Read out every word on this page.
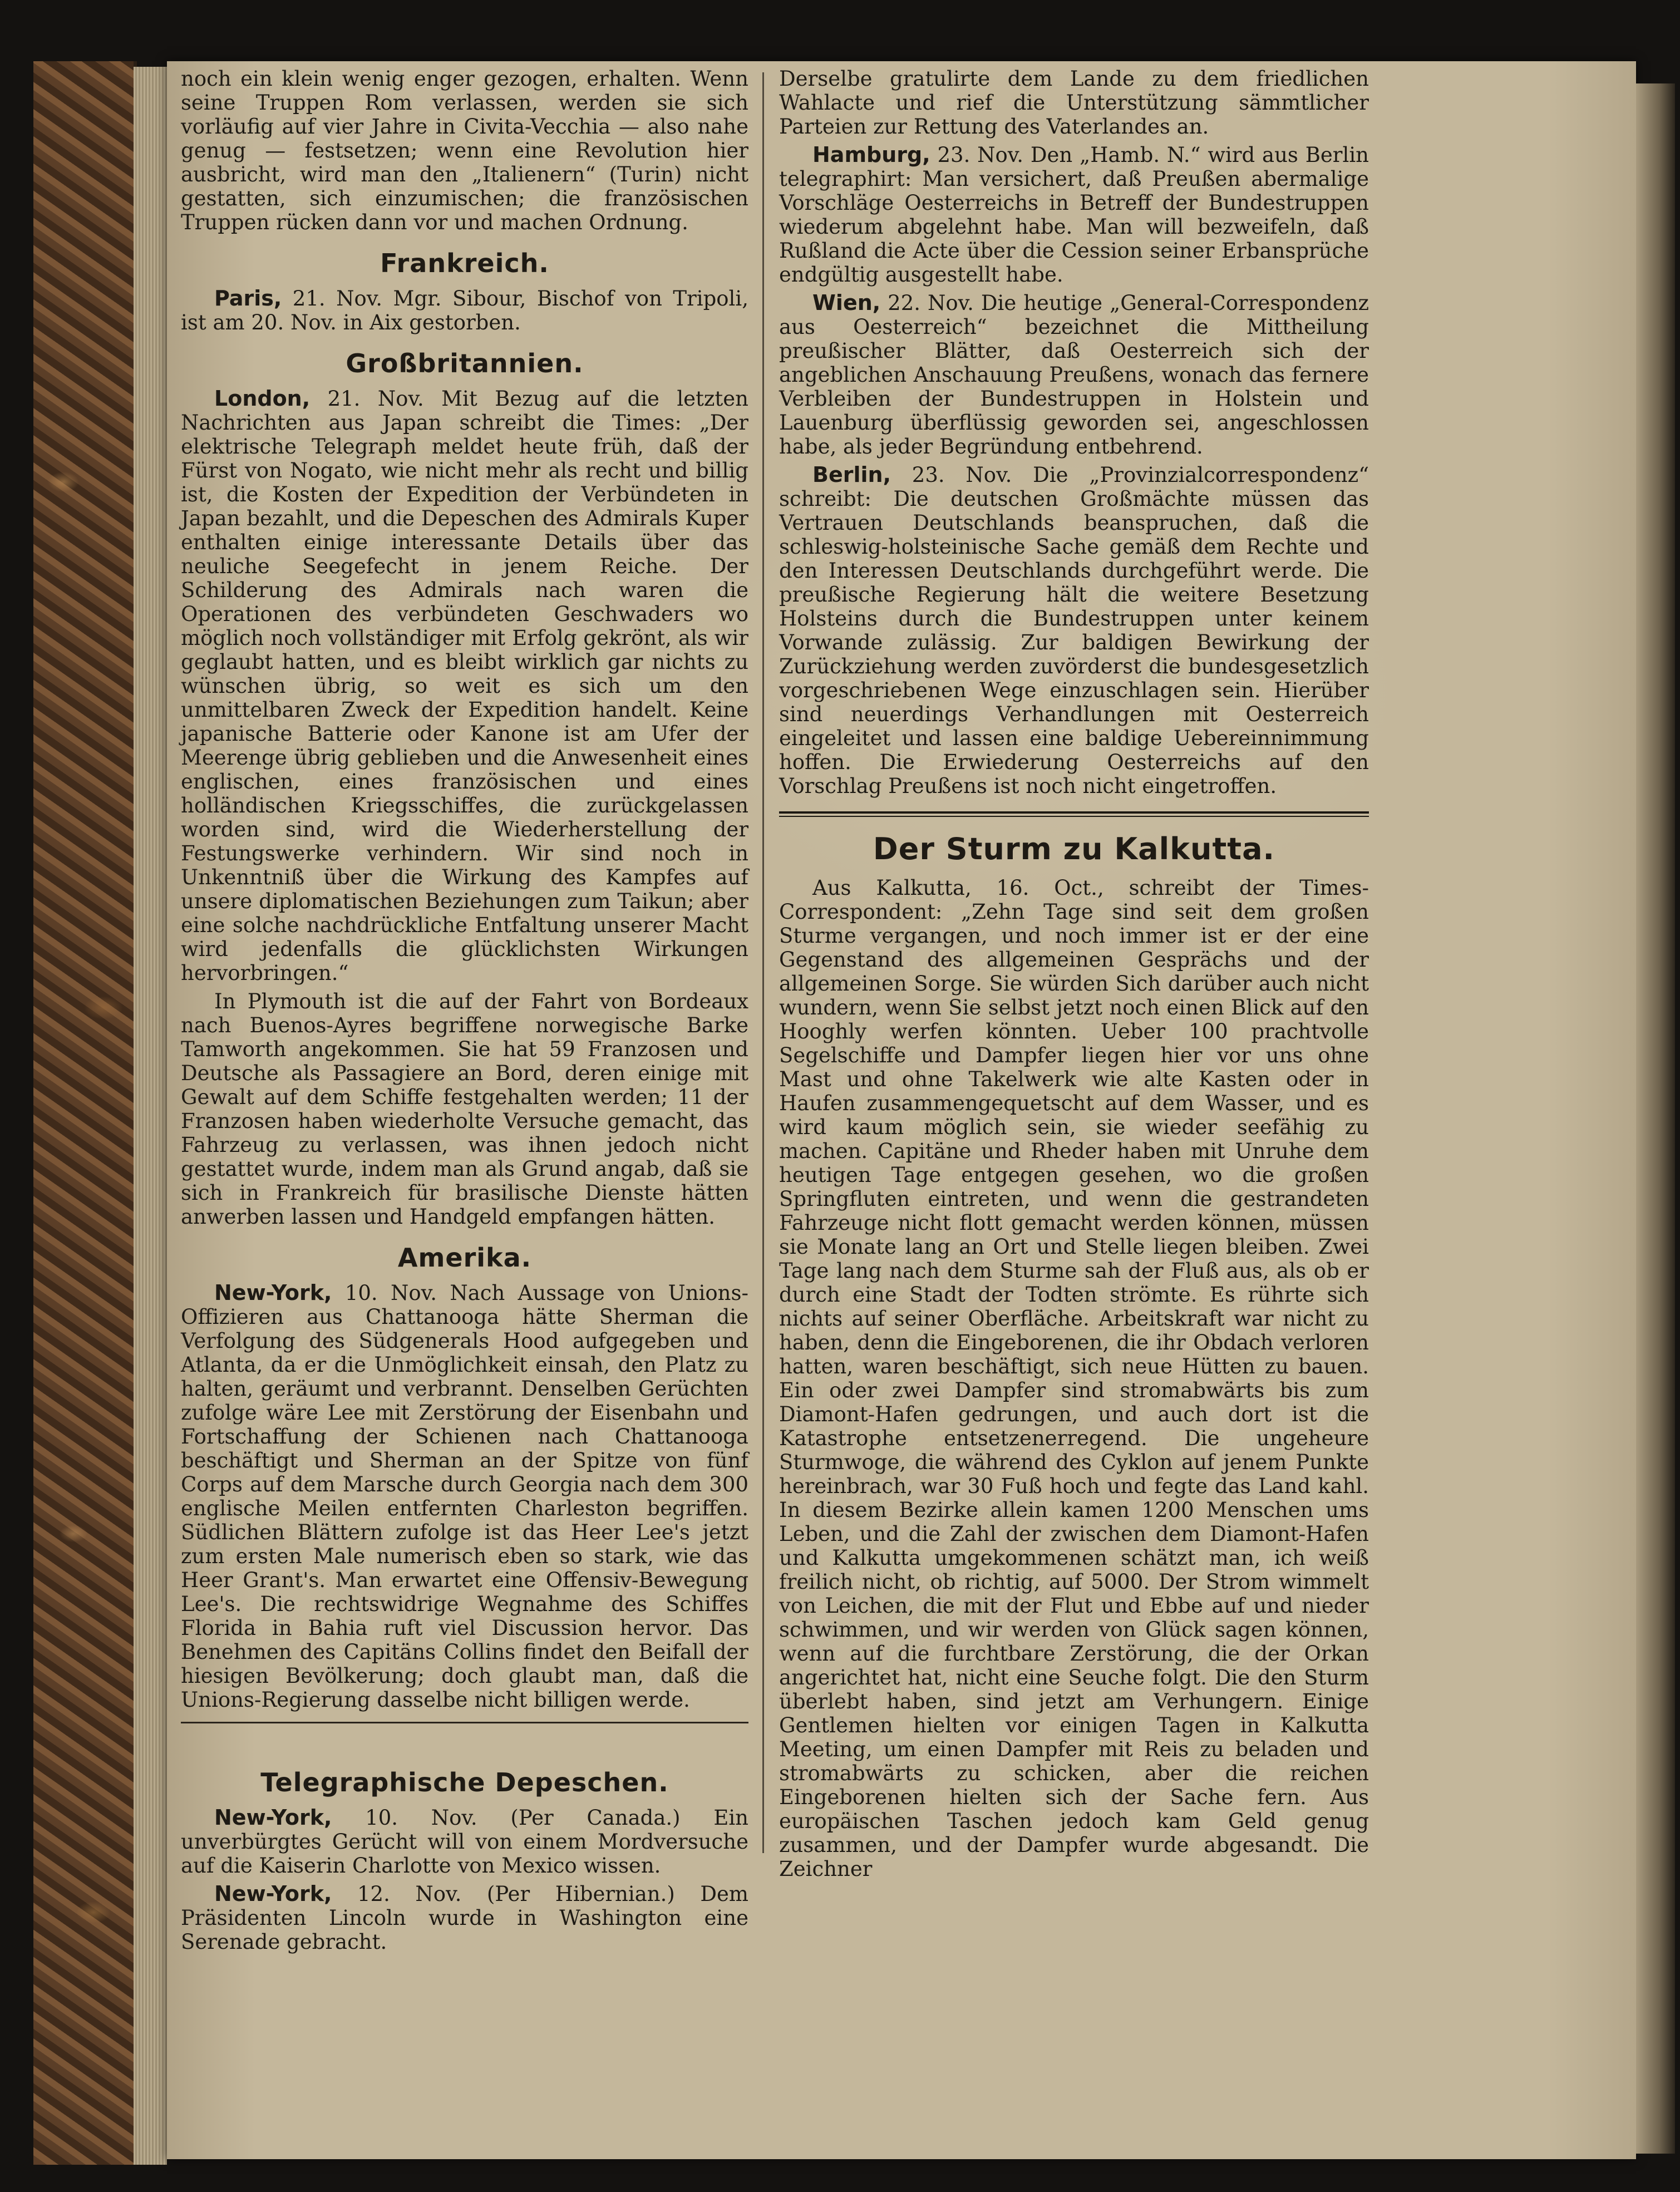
noch ein klein wenig enger gezogen, erhalten. Wenn seine Truppen Rom verlassen, werden sie sich vorläufig auf vier Jahre in Civita-Vecchia — also nahe genug — festsetzen; wenn eine Revolution hier ausbricht, wird man den „Italienern“ (Turin) nicht gestatten, sich einzumischen; die französischen Truppen rücken dann vor und machen Ordnung.

Frankreich.

Paris, 21. Nov. Mgr. Sibour, Bischof von Tripoli, ist am 20. Nov. in Aix gestorben.

Großbritannien.

London, 21. Nov. Mit Bezug auf die letzten Nachrichten aus Japan schreibt die Times: „Der elektrische Telegraph meldet heute früh, daß der Fürst von Nogato, wie nicht mehr als recht und billig ist, die Kosten der Expedition der Verbündeten in Japan bezahlt, und die Depeschen des Admirals Kuper enthalten einige interessante Details über das neuliche Seegefecht in jenem Reiche. Der Schilderung des Admirals nach waren die Operationen des verbündeten Geschwaders wo möglich noch vollständiger mit Erfolg gekrönt, als wir geglaubt hatten, und es bleibt wirklich gar nichts zu wünschen übrig, so weit es sich um den unmittelbaren Zweck der Expedition handelt. Keine japanische Batterie oder Kanone ist am Ufer der Meerenge übrig geblieben und die Anwesenheit eines englischen, eines französischen und eines holländischen Kriegsschiffes, die zurückgelassen worden sind, wird die Wiederherstellung der Festungswerke verhindern. Wir sind noch in Unkenntniß über die Wirkung des Kampfes auf unsere diplomatischen Beziehungen zum Taikun; aber eine solche nachdrückliche Entfaltung unserer Macht wird jedenfalls die glücklichsten Wirkungen hervorbringen.“

In Plymouth ist die auf der Fahrt von Bordeaux nach Buenos-Ayres begriffene norwegische Barke Tamworth angekommen. Sie hat 59 Franzosen und Deutsche als Passagiere an Bord, deren einige mit Gewalt auf dem Schiffe festgehalten werden; 11 der Franzosen haben wiederholte Versuche gemacht, das Fahrzeug zu verlassen, was ihnen jedoch nicht gestattet wurde, indem man als Grund angab, daß sie sich in Frankreich für brasilische Dienste hätten anwerben lassen und Handgeld empfangen hätten.

Amerika.

New-York, 10. Nov. Nach Aussage von Unions-Offizieren aus Chattanooga hätte Sherman die Verfolgung des Südgenerals Hood aufgegeben und Atlanta, da er die Unmöglichkeit einsah, den Platz zu halten, geräumt und verbrannt. Denselben Gerüchten zufolge wäre Lee mit Zerstörung der Eisenbahn und Fortschaffung der Schienen nach Chattanooga beschäftigt und Sherman an der Spitze von fünf Corps auf dem Marsche durch Georgia nach dem 300 englische Meilen entfernten Charleston begriffen. Südlichen Blättern zufolge ist das Heer Lee's jetzt zum ersten Male numerisch eben so stark, wie das Heer Grant's. Man erwartet eine Offensiv-Bewegung Lee's. Die rechtswidrige Wegnahme des Schiffes Florida in Bahia ruft viel Discussion hervor. Das Benehmen des Capitäns Collins findet den Beifall der hiesigen Bevölkerung; doch glaubt man, daß die Unions-Regierung dasselbe nicht billigen werde.

Telegraphische Depeschen.

New-York, 10. Nov. (Per Canada.) Ein unverbürgtes Gerücht will von einem Mordversuche auf die Kaiserin Charlotte von Mexico wissen.

New-York, 12. Nov. (Per Hibernian.) Dem Präsidenten Lincoln wurde in Washington eine Serenade gebracht.

Derselbe gratulirte dem Lande zu dem friedlichen Wahlacte und rief die Unterstützung sämmtlicher Parteien zur Rettung des Vaterlandes an.

Hamburg, 23. Nov. Den „Hamb. N.“ wird aus Berlin telegraphirt: Man versichert, daß Preußen abermalige Vorschläge Oesterreichs in Betreff der Bundestruppen wiederum abgelehnt habe. Man will bezweifeln, daß Rußland die Acte über die Cession seiner Erbansprüche endgültig ausgestellt habe.

Wien, 22. Nov. Die heutige „General-Correspondenz aus Oesterreich“ bezeichnet die Mittheilung preußischer Blätter, daß Oesterreich sich der angeblichen Anschauung Preußens, wonach das fernere Verbleiben der Bundestruppen in Holstein und Lauenburg überflüssig geworden sei, angeschlossen habe, als jeder Begründung entbehrend.

Berlin, 23. Nov. Die „Provinzialcorrespondenz“ schreibt: Die deutschen Großmächte müssen das Vertrauen Deutschlands beanspruchen, daß die schleswig-holsteinische Sache gemäß dem Rechte und den Interessen Deutschlands durchgeführt werde. Die preußische Regierung hält die weitere Besetzung Holsteins durch die Bundestruppen unter keinem Vorwande zulässig. Zur baldigen Bewirkung der Zurückziehung werden zuvörderst die bundesgesetzlich vorgeschriebenen Wege einzuschlagen sein. Hierüber sind neuerdings Verhandlungen mit Oesterreich eingeleitet und lassen eine baldige Uebereinnimmung hoffen. Die Erwiederung Oesterreichs auf den Vorschlag Preußens ist noch nicht eingetroffen.

Der Sturm zu Kalkutta.

Aus Kalkutta, 16. Oct., schreibt der Times-Correspondent: „Zehn Tage sind seit dem großen Sturme vergangen, und noch immer ist er der eine Gegenstand des allgemeinen Gesprächs und der allgemeinen Sorge. Sie würden Sich darüber auch nicht wundern, wenn Sie selbst jetzt noch einen Blick auf den Hooghly werfen könnten. Ueber 100 prachtvolle Segelschiffe und Dampfer liegen hier vor uns ohne Mast und ohne Takelwerk wie alte Kasten oder in Haufen zusammengequetscht auf dem Wasser, und es wird kaum möglich sein, sie wieder seefähig zu machen. Capitäne und Rheder haben mit Unruhe dem heutigen Tage entgegen gesehen, wo die großen Springfluten eintreten, und wenn die gestrandeten Fahrzeuge nicht flott gemacht werden können, müssen sie Monate lang an Ort und Stelle liegen bleiben. Zwei Tage lang nach dem Sturme sah der Fluß aus, als ob er durch eine Stadt der Todten strömte. Es rührte sich nichts auf seiner Oberfläche. Arbeitskraft war nicht zu haben, denn die Eingeborenen, die ihr Obdach verloren hatten, waren beschäftigt, sich neue Hütten zu bauen. Ein oder zwei Dampfer sind stromabwärts bis zum Diamont-Hafen gedrungen, und auch dort ist die Katastrophe entsetzenerregend. Die ungeheure Sturmwoge, die während des Cyklon auf jenem Punkte hereinbrach, war 30 Fuß hoch und fegte das Land kahl. In diesem Bezirke allein kamen 1200 Menschen ums Leben, und die Zahl der zwischen dem Diamont-Hafen und Kalkutta umgekommenen schätzt man, ich weiß freilich nicht, ob richtig, auf 5000. Der Strom wimmelt von Leichen, die mit der Flut und Ebbe auf und nieder schwimmen, und wir werden von Glück sagen können, wenn auf die furchtbare Zerstörung, die der Orkan angerichtet hat, nicht eine Seuche folgt. Die den Sturm überlebt haben, sind jetzt am Verhungern. Einige Gentlemen hielten vor einigen Tagen in Kalkutta Meeting, um einen Dampfer mit Reis zu beladen und stromabwärts zu schicken, aber die reichen Eingeborenen hielten sich der Sache fern. Aus europäischen Taschen jedoch kam Geld genug zusammen, und der Dampfer wurde abgesandt. Die Zeichner
